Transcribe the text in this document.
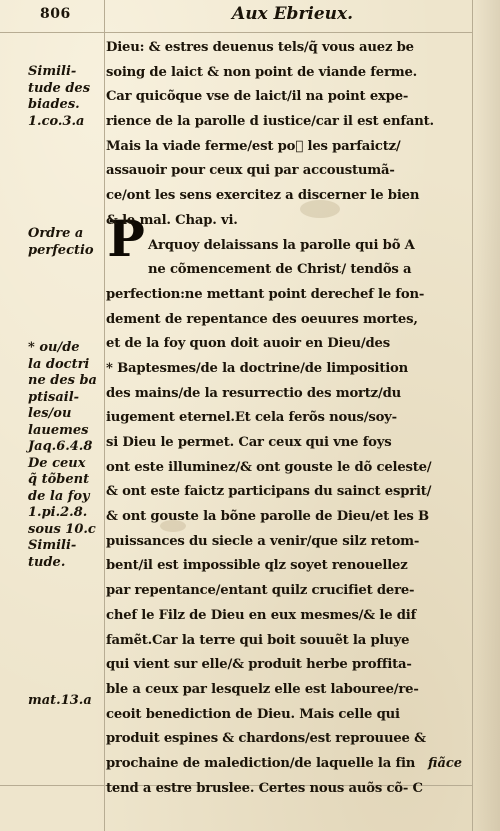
806	Aux Ebrieux.
Simili-
tude des
biades.
1.co.3.a
Ordre a
perfectio
* ou/de
la doctri
ne des ba
ptisail-
les/ou
lauemes
Jaq.6.4.8
De ceux
q̃ tõbent
de la foy
1.pi.2.8.
sous 10.c
Simili-
tude.
mat.13.a
P
Dieu: & estres deuenus tels/q̃ vous auez be
soing de laict & non point de viande ferme.
Car quicõque vse de laict/il na point expe-
rience de la parolle d iustice/car il est enfant.
Mais la viade ferme/est po᷑ les parfaictz/
assauoir pour ceux qui par accoustumã-
ce/ont les sens exercitez a discerner le bien
& le mal. Chap. vi.
Arquoy delaissans la parolle qui bõ A
ne cõmencement de Christ/ tendõs a
perfection:ne mettant point derechef le fon-
dement de repentance des oeuures mortes,
et de la foy quon doit auoir en Dieu/des
* Baptesmes/de la doctrine/de limposition
des mains/de la resurrectio des mortz/du
iugement eternel.Et cela ferõs nous/soy-
si Dieu le permet. Car ceux qui vne foys
ont este illuminez/& ont gouste le dõ celeste/
& ont este faictz participans du sainct esprit/
& ont gouste la bõne parolle de Dieu/et les B
puissances du siecle a venir/que silz retom-
bent/il est impossible qlz soyet renouellez
par repentance/entant quilz crucifiet dere-
chef le Filz de Dieu en eux mesmes/& le dif
famẽt.Car la terre qui boit souuẽt la pluye
qui vient sur elle/& produit herbe proffita-
ble a ceux par lesquelz elle est labouree/re-
ceoit benediction de Dieu. Mais celle qui
produit espines & chardons/est reprouuee &
prochaine de malediction/de laquelle la fin
tend a estre bruslee. Certes nous auõs cõ- C
fiãce
